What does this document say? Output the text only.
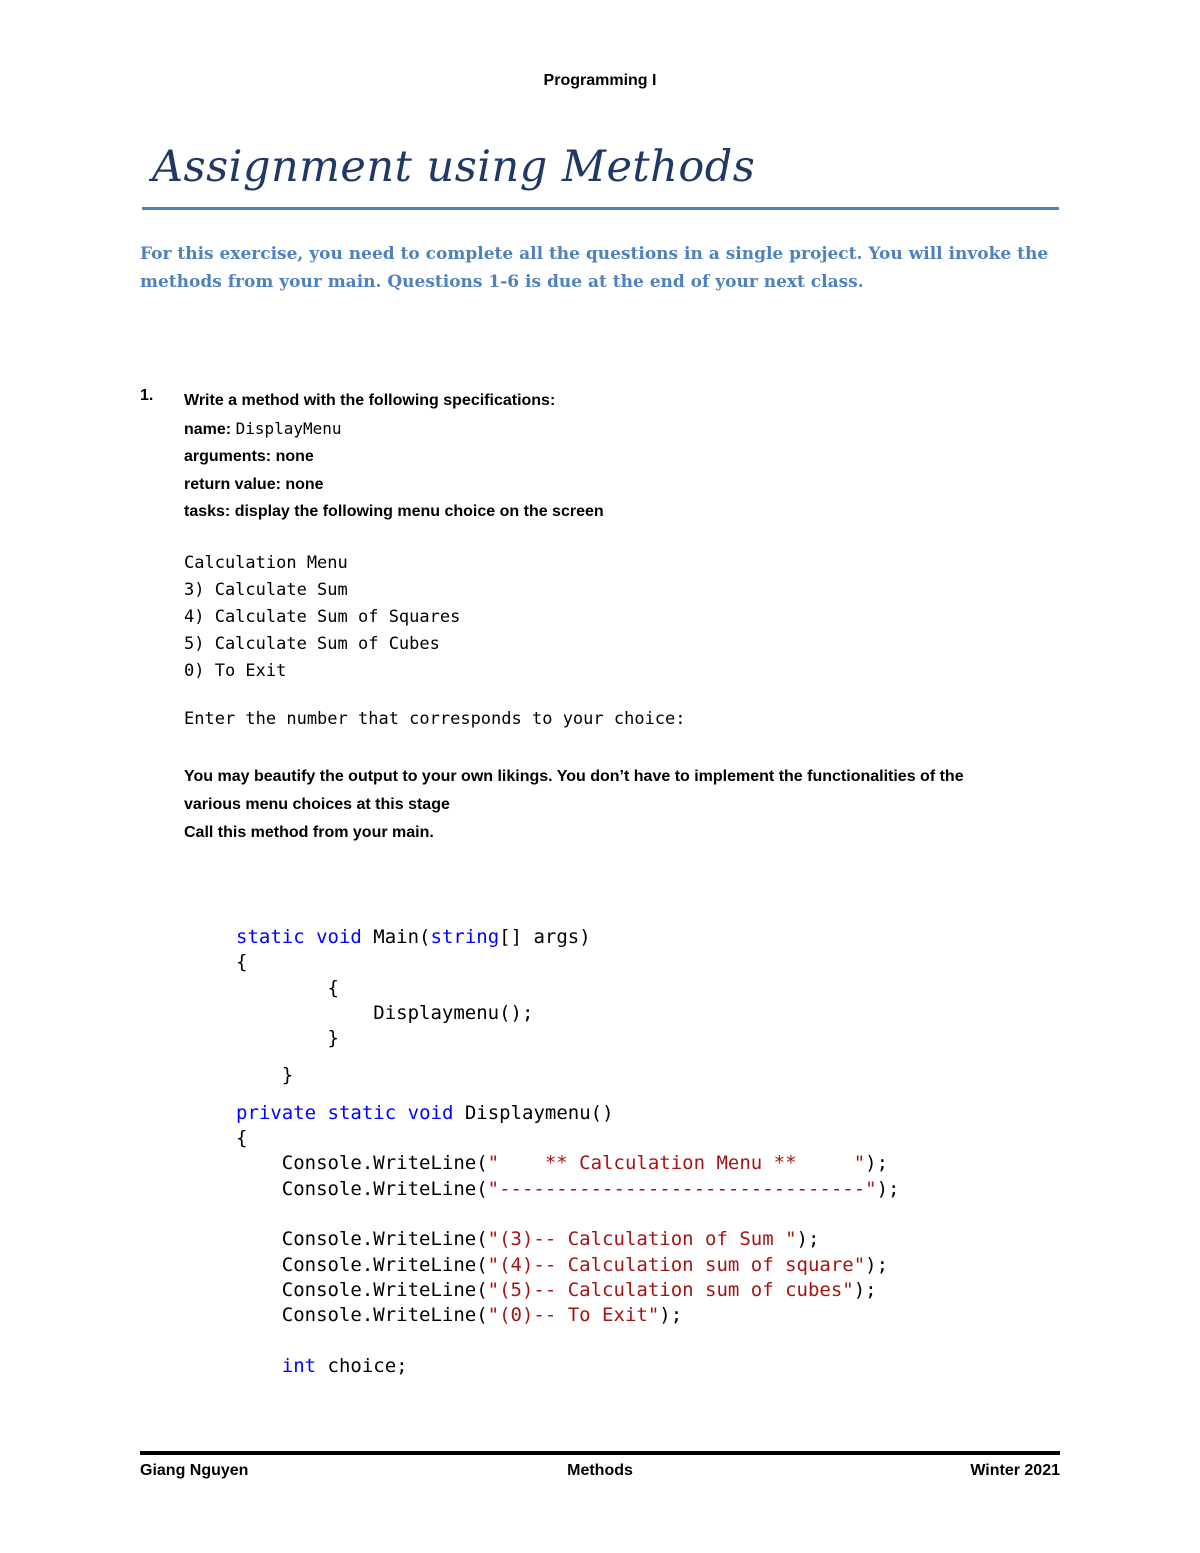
Programming I
Assignment using Methods
For this exercise, you need to complete all the questions in a single project. You will invoke the methods from your main. Questions 1-6 is due at the end of your next class.
1. Write a method with the following specifications:
name: DisplayMenu
arguments: none
return value: none
tasks: display the following menu choice on the screen
Calculation Menu
3) Calculate Sum
4) Calculate Sum of Squares
5) Calculate Sum of Cubes
0) To Exit
Enter the number that corresponds to your choice:
You may beautify the output to your own likings. You don’t have to implement the functionalities of the
various menu choices at this stage
Call this method from your main.
static void Main(string[] args)
{
{
Displaymenu();
}

}

private static void Displaymenu()
{
Console.WriteLine("    ** Calculation Menu **     ");
Console.WriteLine("--------------------------------");

Console.WriteLine("(3)-- Calculation of Sum ");
Console.WriteLine("(4)-- Calculation sum of square");
Console.WriteLine("(5)-- Calculation sum of cubes");
Console.WriteLine("(0)-- To Exit");

int choice;
Giang Nguyen	Methods	Winter 2021
